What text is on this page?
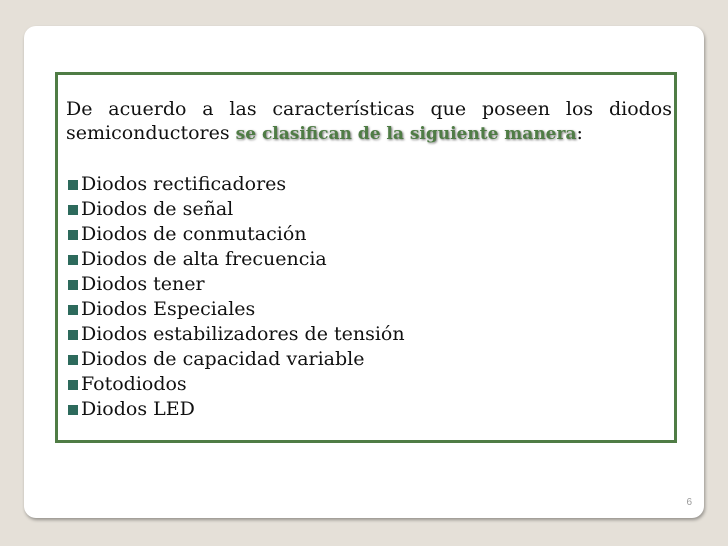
De acuerdo a las características que poseen los diodos semiconductores se clasifican de la siguiente manera:
Diodos rectificadores
Diodos de señal
Diodos de conmutación
Diodos de alta frecuencia
Diodos tener
Diodos Especiales
Diodos estabilizadores de tensión
Diodos de capacidad variable
Fotodiodos
Diodos LED
6
